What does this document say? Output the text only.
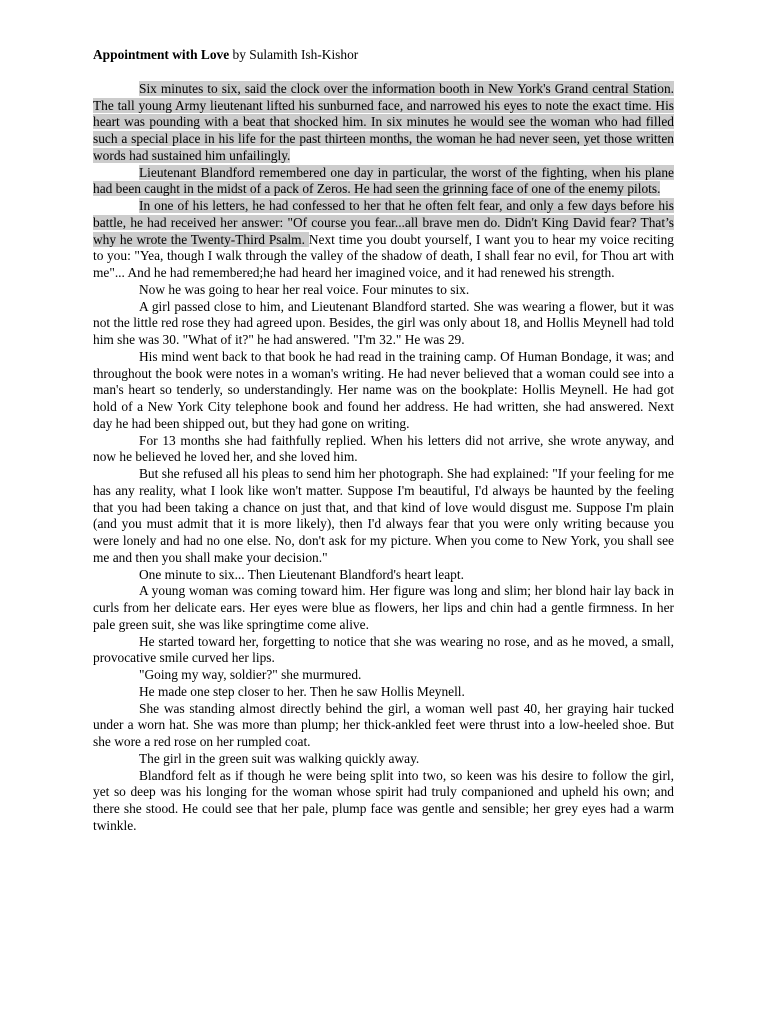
Appointment with Love by Sulamith Ish-Kishor

Six minutes to six, said the clock over the information booth in New York's Grand central Station. The tall young Army lieutenant lifted his sunburned face, and narrowed his eyes to note the exact time. His heart was pounding with a beat that shocked him. In six minutes he would see the woman who had filled such a special place in his life for the past thirteen months, the woman he had never seen, yet those written words had sustained him unfailingly.

Lieutenant Blandford remembered one day in particular, the worst of the fighting, when his plane had been caught in the midst of a pack of Zeros. He had seen the grinning face of one of the enemy pilots.

In one of his letters, he had confessed to her that he often felt fear, and only a few days before his battle, he had received her answer: "Of course you fear...all brave men do. Didn't King David fear? That’s why he wrote the Twenty-Third Psalm. Next time you doubt yourself, I want you to hear my voice reciting to you: "Yea, though I walk through the valley of the shadow of death, I shall fear no evil, for Thou art with me"... And he had remembered;he had heard her imagined voice, and it had renewed his strength.

Now he was going to hear her real voice. Four minutes to six.

A girl passed close to him, and Lieutenant Blandford started. She was wearing a flower, but it was not the little red rose they had agreed upon. Besides, the girl was only about 18, and Hollis Meynell had told him she was 30. "What of it?" he had answered. "I'm 32." He was 29.

His mind went back to that book he had read in the training camp. Of Human Bondage, it was; and throughout the book were notes in a woman's writing. He had never believed that a woman could see into a man's heart so tenderly, so understandingly. Her name was on the bookplate: Hollis Meynell. He had got hold of a New York City telephone book and found her address. He had written, she had answered. Next day he had been shipped out, but they had gone on writing.

For 13 months she had faithfully replied. When his letters did not arrive, she wrote anyway, and now he believed he loved her, and she loved him.

But she refused all his pleas to send him her photograph. She had explained: "If your feeling for me has any reality, what I look like won't matter. Suppose I'm beautiful, I'd always be haunted by the feeling that you had been taking a chance on just that, and that kind of love would disgust me. Suppose I'm plain (and you must admit that it is more likely), then I'd always fear that you were only writing because you were lonely and had no one else. No, don't ask for my picture. When you come to New York, you shall see me and then you shall make your decision."

One minute to six... Then Lieutenant Blandford's heart leapt.

A young woman was coming toward him. Her figure was long and slim; her blond hair lay back in curls from her delicate ears. Her eyes were blue as flowers, her lips and chin had a gentle firmness. In her pale green suit, she was like springtime come alive.

He started toward her, forgetting to notice that she was wearing no rose, and as he moved, a small, provocative smile curved her lips.

"Going my way, soldier?" she murmured.

He made one step closer to her. Then he saw Hollis Meynell.

She was standing almost directly behind the girl, a woman well past 40, her graying hair tucked under a worn hat. She was more than plump; her thick-ankled feet were thrust into a low-heeled shoe. But she wore a red rose on her rumpled coat.

The girl in the green suit was walking quickly away.

Blandford felt as if though he were being split into two, so keen was his desire to follow the girl, yet so deep was his longing for the woman whose spirit had truly companioned and upheld his own; and there she stood. He could see that her pale, plump face was gentle and sensible; her grey eyes had a warm twinkle.
